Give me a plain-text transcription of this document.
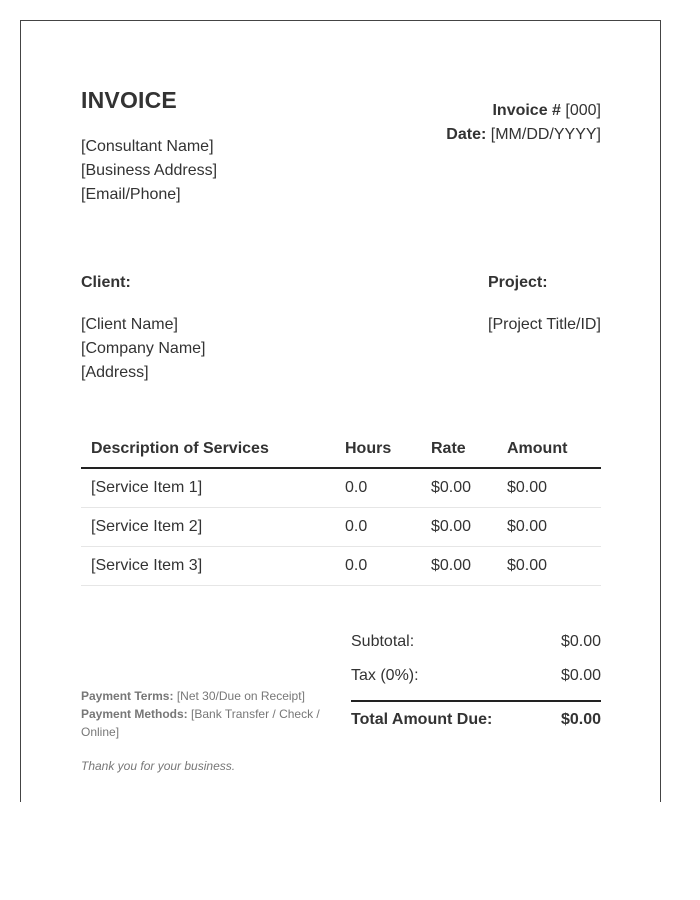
INVOICE
[Consultant Name]
[Business Address]
[Email/Phone]
Invoice # [000]
Date: [MM/DD/YYYY]
Client:
[Client Name]
[Company Name]
[Address]
Project:
[Project Title/ID]
Description of Services	Hours Rate	Amount
[Service Item 1]	0.0	$0.00 $0.00
[Service Item 2]	0.0	$0.00 $0.00
[Service Item 3]	0.0	$0.00 $0.00
Subtotal:	$0.00
Tax (0%):	$0.00
Total Amount Due:	$0.00
Payment Terms: [Net 30/Due on Receipt]
Payment Methods: [Bank Transfer / Check / Online]
Thank you for your business.
